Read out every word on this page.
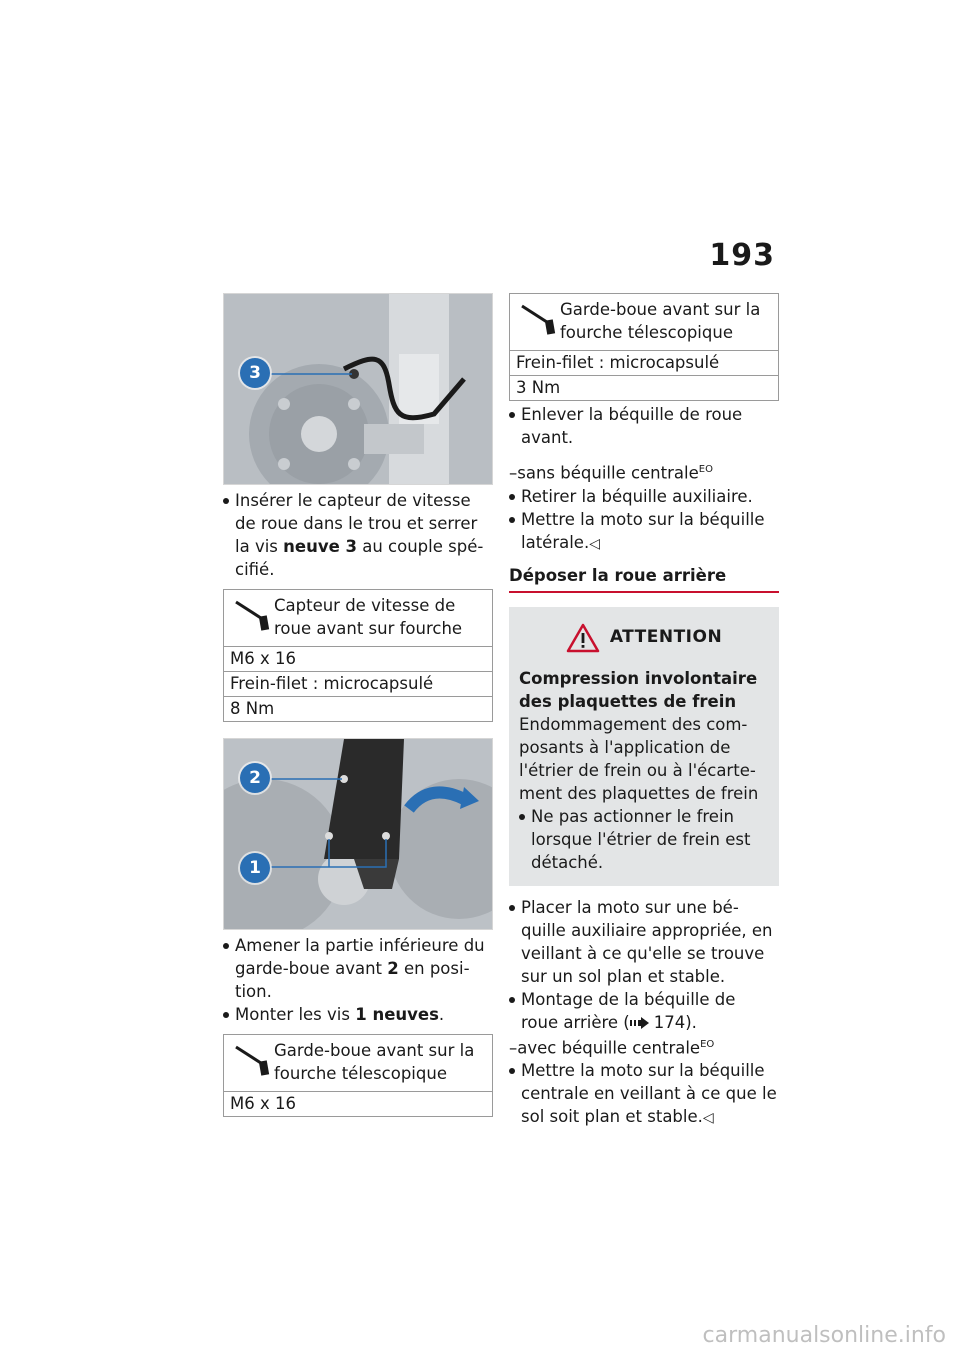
193
3
Insérer le capteur de vitesse
de roue dans le trou et serrer
la vis neuve 3 au couple spé-
cifié.
Capteur de vitesse de
roue avant sur fourche
M6 x 16
Frein-filet : microcapsulé
8 Nm
2
1
Amener la partie inférieure du
garde-boue avant 2 en posi-
tion.
Monter les vis 1 neuves.
Garde-boue avant sur la
fourche télescopique
M6 x 16
Garde-boue avant sur la
fourche télescopique
Frein-filet : microcapsulé
3 Nm
Enlever la béquille de roue
avant.
–sans béquille centrale$^{EO}$
Retirer la béquille auxiliaire.
Mettre la moto sur la béquille
latérale.◁
Déposer la roue arrière
ATTENTION
Compression involontaire
des plaquettes de frein
Endommagement des com-
posants à l'application de
l'étrier de frein ou à l'écarte-
ment des plaquettes de frein
Ne pas actionner le frein
lorsque l'étrier de frein est
détaché.
Placer la moto sur une bé-
quille auxiliaire appropriée, en
veillant à ce qu'elle se trouve
sur un sol plan et stable.
Montage de la béquille de
roue arrière ( 174).
–avec béquille centrale$^{EO}$
Mettre la moto sur la béquille
centrale en veillant à ce que le
sol soit plan et stable.◁
carmanualsonline.info
